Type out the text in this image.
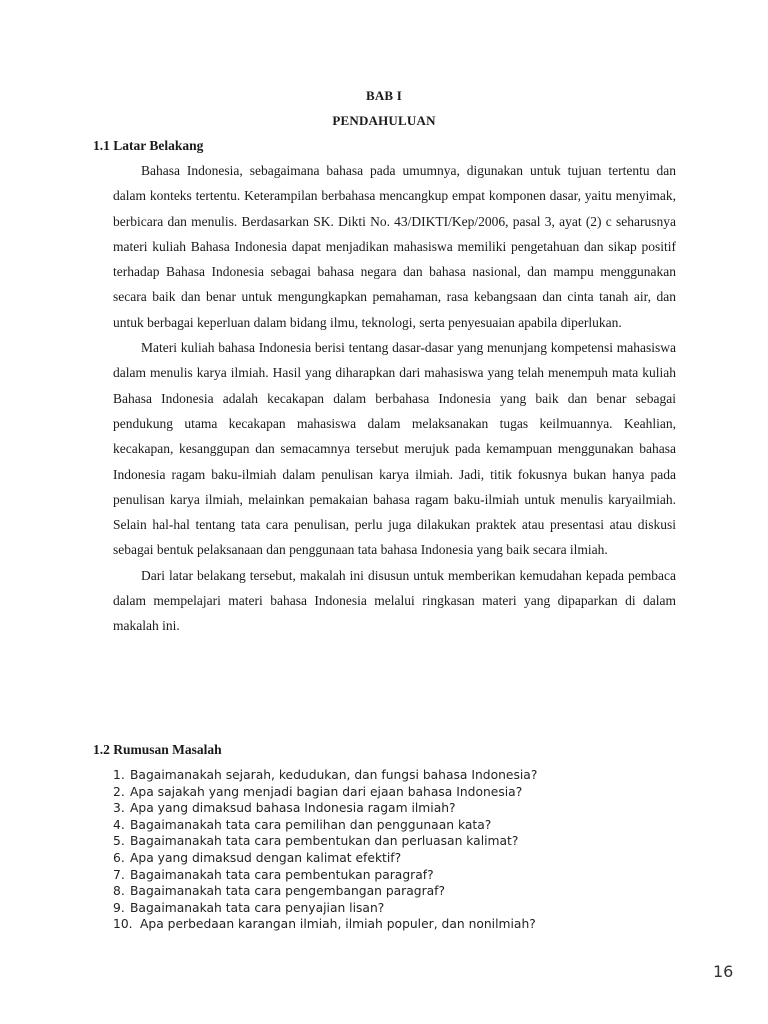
BAB I
PENDAHULUAN
1.1 Latar Belakang

Bahasa Indonesia, sebagaimana bahasa pada umumnya, digunakan untuk tujuan tertentu dan dalam konteks tertentu. Keterampilan berbahasa mencangkup empat komponen dasar, yaitu menyimak, berbicara dan menulis. Berdasarkan SK. Dikti No. 43/DIKTI/Kep/2006, pasal 3, ayat (2) c seharusnya materi kuliah Bahasa Indonesia dapat menjadikan mahasiswa memiliki pengetahuan dan sikap positif terhadap Bahasa Indonesia sebagai bahasa negara dan bahasa nasional, dan mampu menggunakan secara baik dan benar untuk mengungkapkan pemahaman, rasa kebangsaan dan cinta tanah air, dan untuk berbagai keperluan dalam bidang ilmu, teknologi, serta penyesuaian apabila diperlukan.

Materi kuliah bahasa Indonesia berisi tentang dasar-dasar yang menunjang kompetensi mahasiswa dalam menulis karya ilmiah. Hasil yang diharapkan dari mahasiswa yang telah menempuh mata kuliah Bahasa Indonesia adalah kecakapan dalam berbahasa Indonesia yang baik dan benar sebagai pendukung utama kecakapan mahasiswa dalam melaksanakan tugas keilmuannya. Keahlian, kecakapan, kesanggupan dan semacamnya tersebut merujuk pada kemampuan menggunakan bahasa Indonesia ragam baku-ilmiah dalam penulisan karya ilmiah. Jadi, titik fokusnya bukan hanya pada penulisan karya ilmiah, melainkan pemakaian bahasa ragam baku-ilmiah untuk menulis karyailmiah. Selain hal-hal tentang tata cara penulisan, perlu juga dilakukan praktek atau presentasi atau diskusi sebagai bentuk pelaksanaan dan penggunaan tata bahasa Indonesia yang baik secara ilmiah.

Dari latar belakang tersebut, makalah ini disusun untuk memberikan kemudahan kepada pembaca dalam mempelajari materi bahasa Indonesia melalui ringkasan materi yang dipaparkan di dalam makalah ini.

1.2 Rumusan Masalah
1. Bagaimanakah sejarah, kedudukan, dan fungsi bahasa Indonesia?
2. Apa sajakah yang menjadi bagian dari ejaan bahasa Indonesia?
3. Apa yang dimaksud bahasa Indonesia ragam ilmiah?
4. Bagaimanakah tata cara pemilihan dan penggunaan kata?
5. Bagaimanakah tata cara pembentukan dan perluasan kalimat?
6. Apa yang dimaksud dengan kalimat efektif?
7. Bagaimanakah tata cara pembentukan paragraf?
8. Bagaimanakah tata cara pengembangan paragraf?
9. Bagaimanakah tata cara penyajian lisan?
10. Apa perbedaan karangan ilmiah, ilmiah populer, dan nonilmiah?
16
